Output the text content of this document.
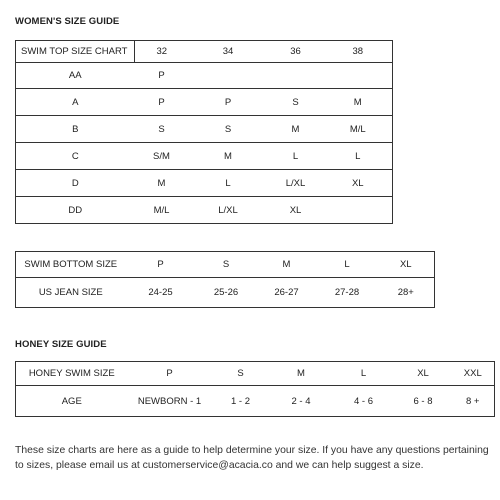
WOMEN'S SIZE GUIDE
SWIM TOP SIZE CHART	32	34	36	38
AA	P			
A	P	P	S	M
B	S	S	M	M/L
C	S/M	M	L	L
D	M	L	L/XL	XL
DD	M/L	L/XL	XL	
SWIM BOTTOM SIZE	P	S	M	L	XL
US JEAN SIZE	24-25	25-26	26-27	27-28	28+
HONEY SIZE GUIDE
HONEY SWIM SIZE	P	S	M	L	XL	XXL
AGE	NEWBORN - 1	1 - 2	2 - 4	4 - 6	6 - 8	8 +
These size charts are here as a guide to help determine your size. If you have any questions pertaining to sizes, please email us at customerservice@acacia.co and we can help suggest a size.
